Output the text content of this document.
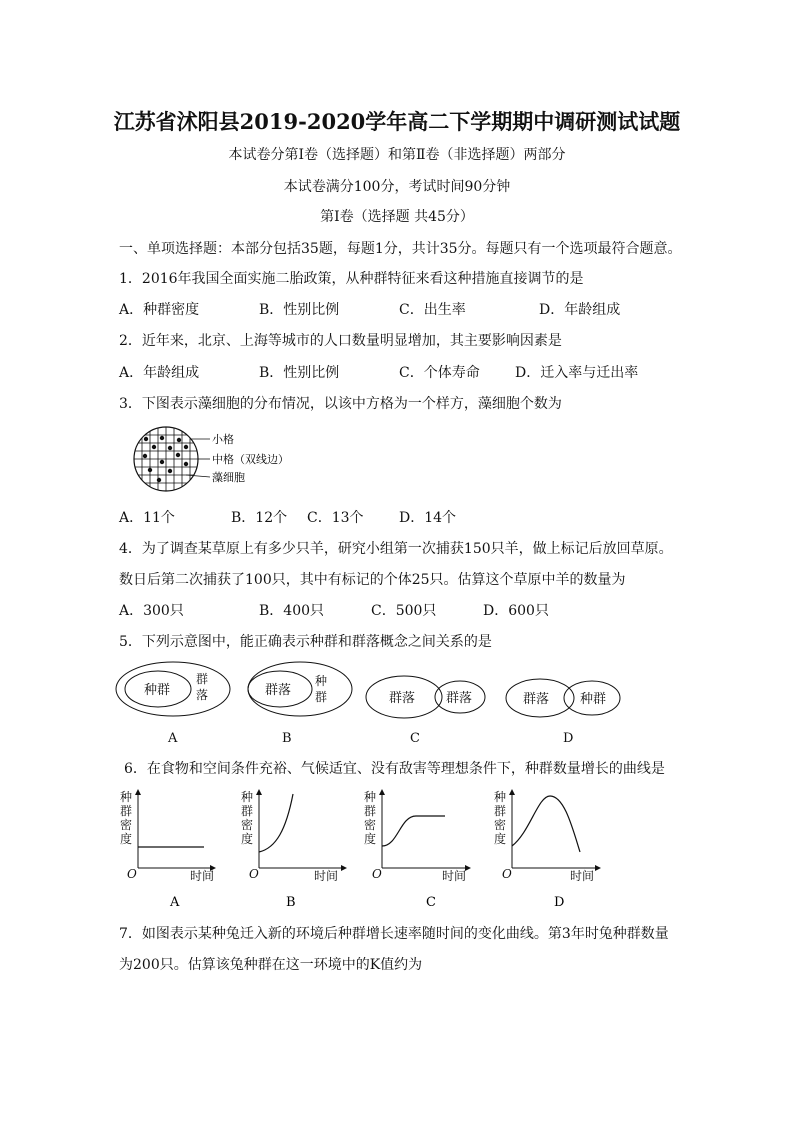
江苏省沭阳县2019-2020学年高二下学期期中调研测试试题
本试卷分第Ⅰ卷（选择题）和第Ⅱ卷（非选择题）两部分
本试卷满分100分，考试时间90分钟
第Ⅰ卷（选择题 共45分）
一、单项选择题：本部分包括35题，每题1分，共计35分。每题只有一个选项最符合题意。
1．2016年我国全面实施二胎政策，从种群特征来看这种措施直接调节的是
A．种群密度	B．性别比例	C．出生率	D．年龄组成
2．近年来，北京、上海等城市的人口数量明显增加，其主要影响因素是
A．年龄组成	B．性别比例	C．个体寿命	D．迁入率与迁出率
3．下图表示藻细胞的分布情况，以该中方格为一个样方，藻细胞个数为
小格
中格（双线边）
藻细胞
A．11个	B．12个 C．13个	D．14个
4．为了调查某草原上有多少只羊，研究小组第一次捕获150只羊，做上标记后放回草原。
数日后第二次捕获了100只，其中有标记的个体25只。估算这个草原中羊的数量为
A．300只	B．400只	C．500只	D．600只
5．下列示意图中，能正确表示种群和群落概念之间关系的是
种群
群
落	群落
种
群	群落 群落	群落 种群
A	B	C	D
6．在食物和空间条件充裕、气候适宜、没有敌害等理想条件下，种群数量增长的曲线是
种
群
密
度
O	时间
A
种
群
密
度
O	时间
B
种
群
密
度
O	时间
C
种
群
密
度
O	时间
D
7．如图表示某种兔迁入新的环境后种群增长速率随时间的变化曲线。第3年时兔种群数量
为200只。估算该兔种群在这一环境中的K值约为
